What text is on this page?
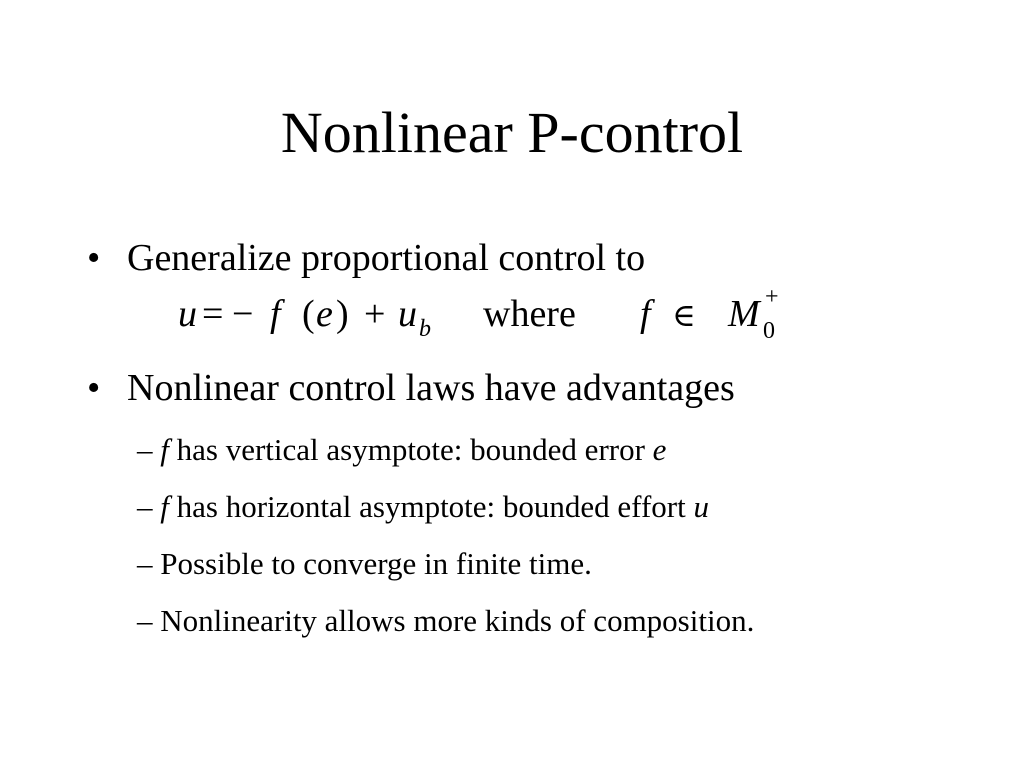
Nonlinear P-control
• Generalize proportional control to
u = − f ( e ) + u b where f ∈ M 0
+
• Nonlinear control laws have advantages
– f has vertical asymptote: bounded error e
– f has horizontal asymptote: bounded effort u
– Possible to converge in finite time.
– Nonlinearity allows more kinds of composition.
